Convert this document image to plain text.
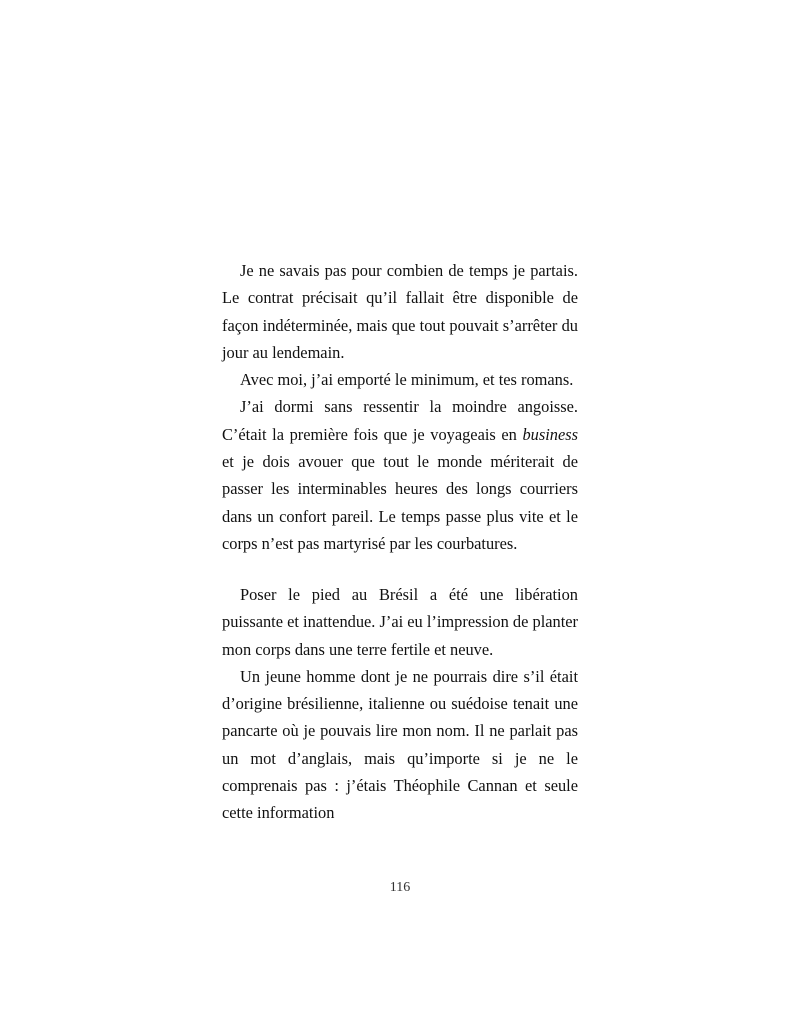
Je ne savais pas pour combien de temps je partais. Le contrat précisait qu’il fallait être disponible de façon indéterminée, mais que tout pouvait s’arrêter du jour au lendemain.

Avec moi, j’ai emporté le minimum, et tes romans.

J’ai dormi sans ressentir la moindre angoisse. C’était la première fois que je voyageais en business et je dois avouer que tout le monde mériterait de passer les interminables heures des longs courriers dans un confort pareil. Le temps passe plus vite et le corps n’est pas martyrisé par les courbatures.

Poser le pied au Brésil a été une libération puissante et inattendue. J’ai eu l’impression de planter mon corps dans une terre fertile et neuve.

Un jeune homme dont je ne pourrais dire s’il était d’origine brésilienne, italienne ou suédoise tenait une pancarte où je pouvais lire mon nom. Il ne parlait pas un mot d’anglais, mais qu’importe si je ne le comprenais pas : j’étais Théophile Cannan et seule cette information

116
